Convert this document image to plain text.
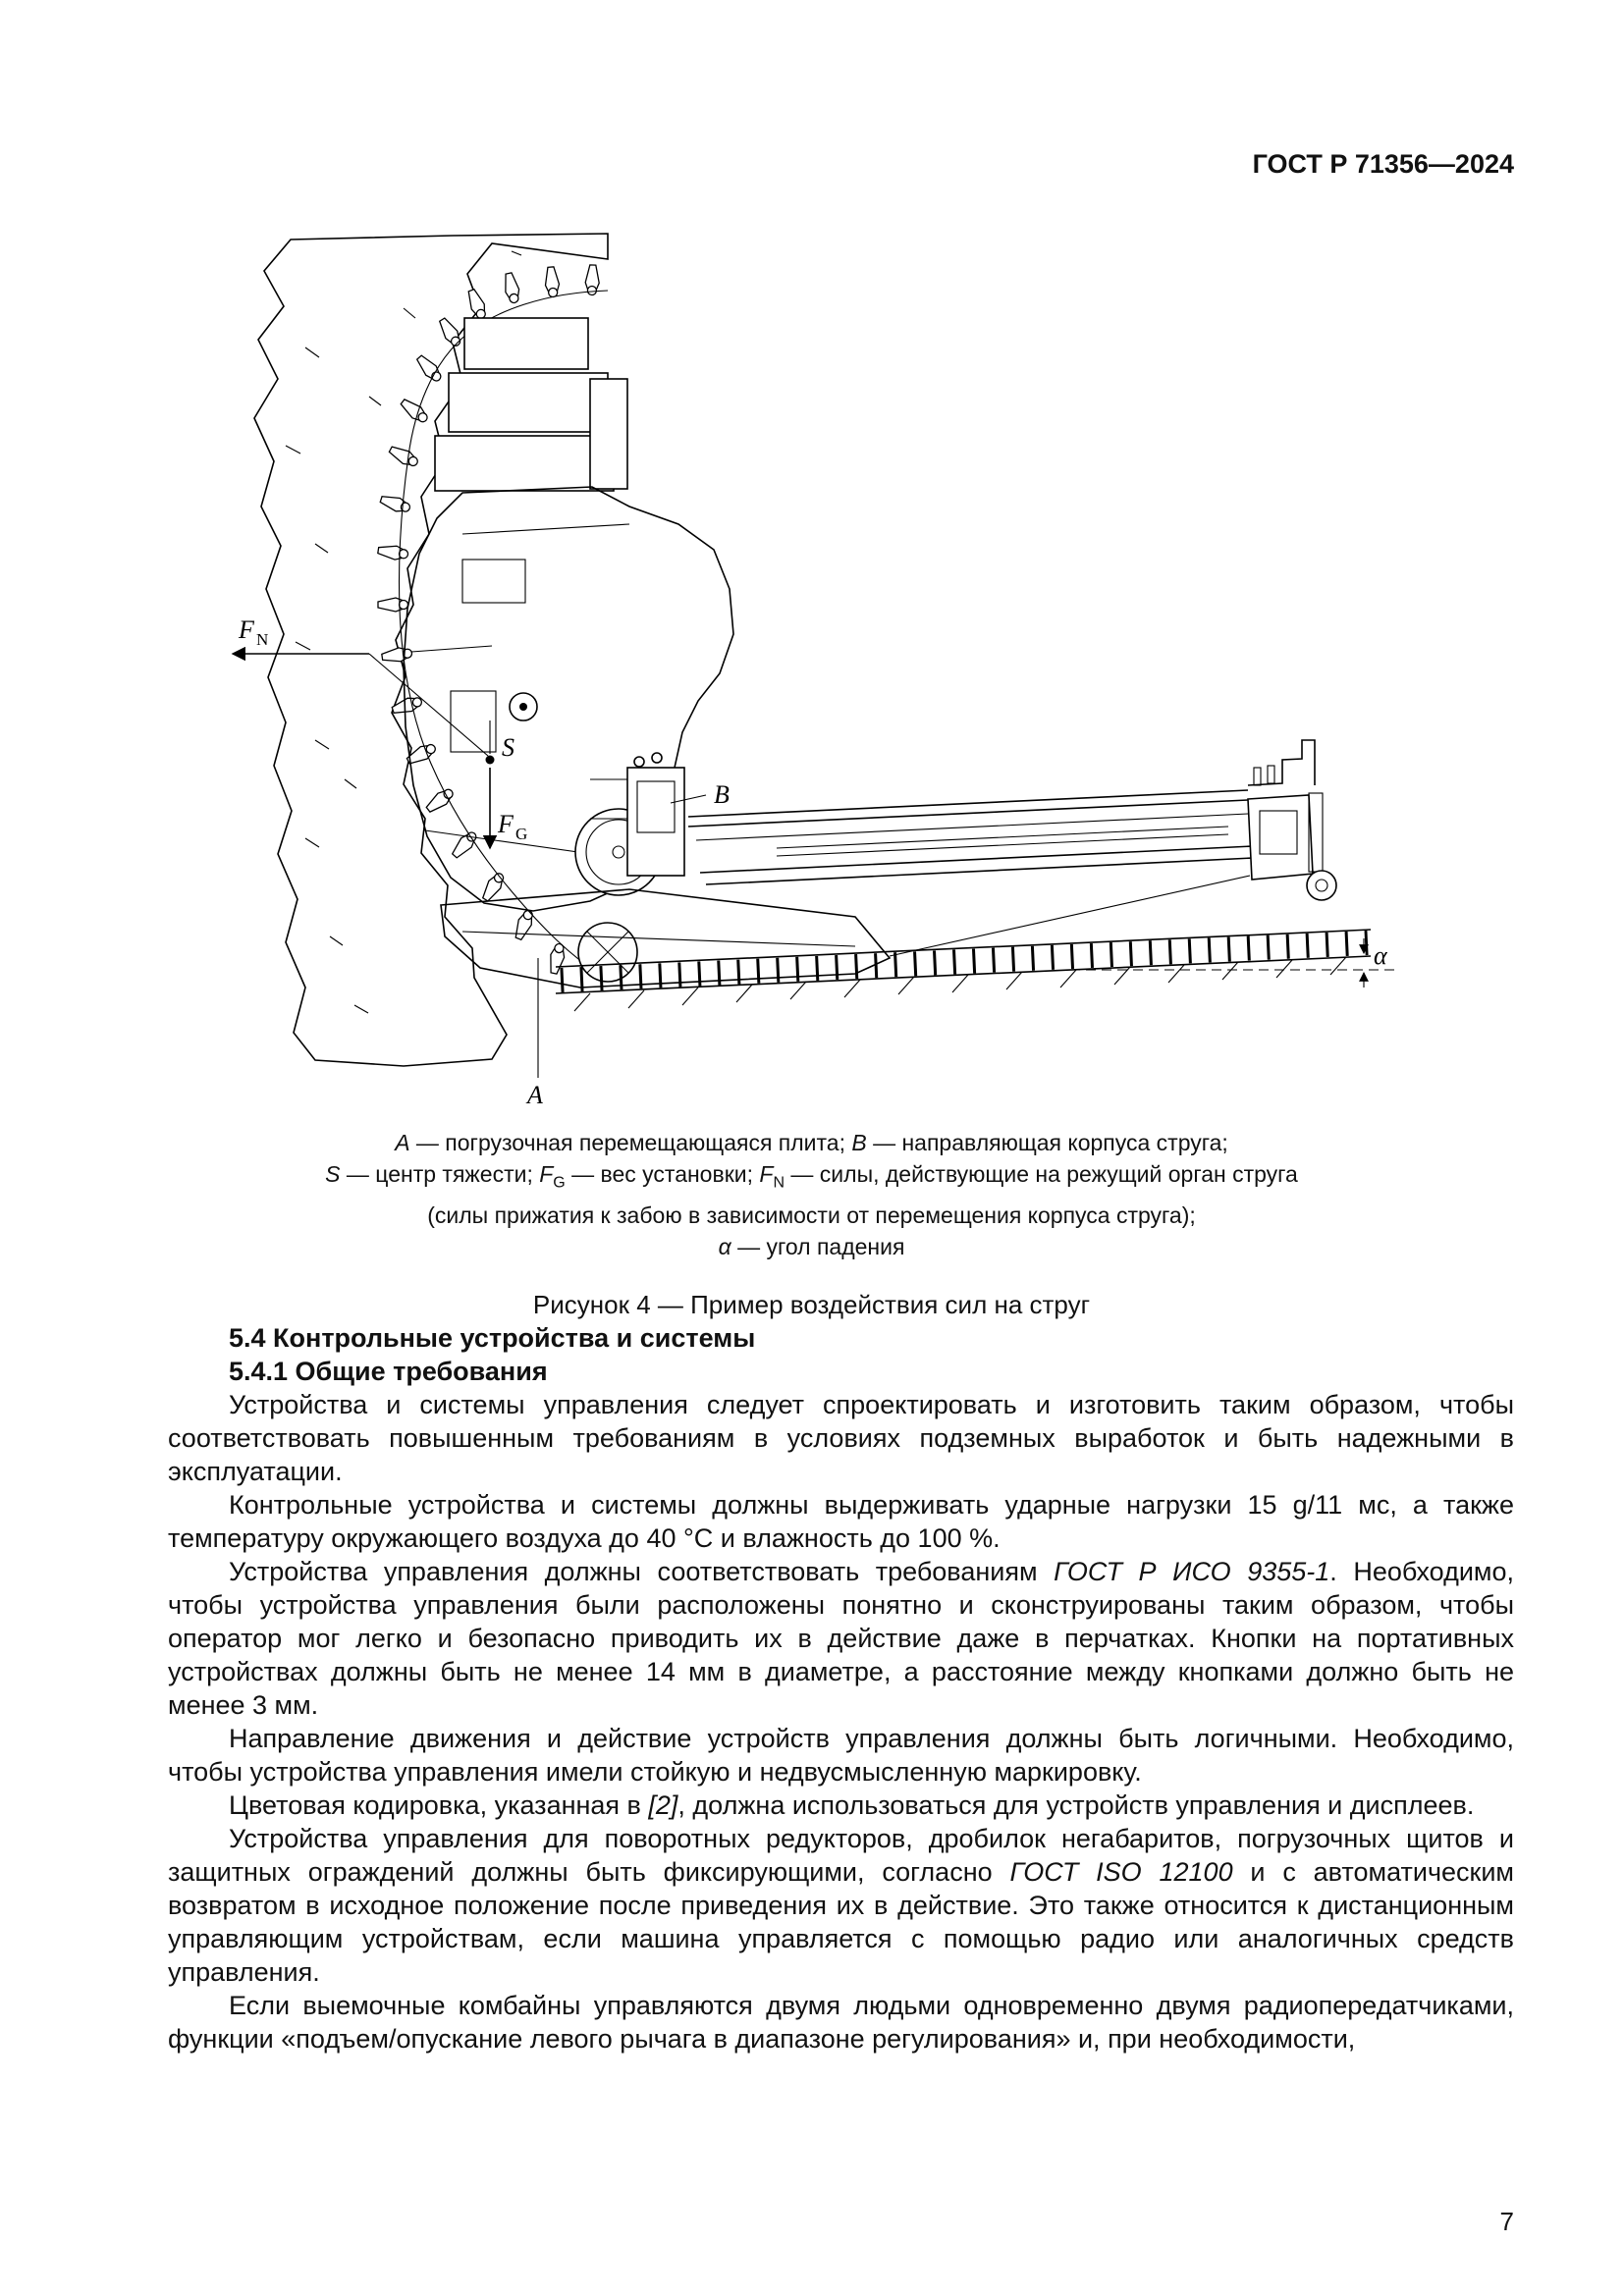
ГОСТ Р 71356—2024
α
F N
S
F G
B
A
А — погрузочная перемещающаяся плита; В — направляющая корпуса струга;
S — центр тяжести; $F_G$ — вес установки; $F_N$ — силы, действующие на режущий орган струга
(силы прижатия к забою в зависимости от перемещения корпуса струга);
α — угол падения
Рисунок 4 — Пример воздействия сил на струг

5.4 Контрольные устройства и системы

5.4.1 Общие требования

Устройства и системы управления следует спроектировать и изготовить таким образом, чтобы соответствовать повышенным требованиям в условиях подземных выработок и быть надежными в эксплуатации.

Контрольные устройства и системы должны выдерживать ударные нагрузки 15 g/11 мс, а также температуру окружающего воздуха до 40 °С и влажность до 100 %.

Устройства управления должны соответствовать требованиям ГОСТ Р ИСО 9355-1. Необходимо, чтобы устройства управления были расположены понятно и сконструированы таким образом, чтобы оператор мог легко и безопасно приводить их в действие даже в перчатках. Кнопки на портативных устройствах должны быть не менее 14 мм в диаметре, а расстояние между кнопками должно быть не менее 3 мм.

Направление движения и действие устройств управления должны быть логичными. Необходимо, чтобы устройства управления имели стойкую и недвусмысленную маркировку.

Цветовая кодировка, указанная в [2], должна использоваться для устройств управления и дисплеев.

Устройства управления для поворотных редукторов, дробилок негабаритов, погрузочных щитов и защитных ограждений должны быть фиксирующими, согласно ГОСТ ISO 12100 и с автоматическим возвратом в исходное положение после приведения их в действие. Это также относится к дистанционным управляющим устройствам, если машина управляется с помощью радио или аналогичных средств управления.

Если выемочные комбайны управляются двумя людьми одновременно двумя радиопередатчиками, функции «подъем/опускание левого рычага в диапазоне регулирования» и, при необходимости,

7
